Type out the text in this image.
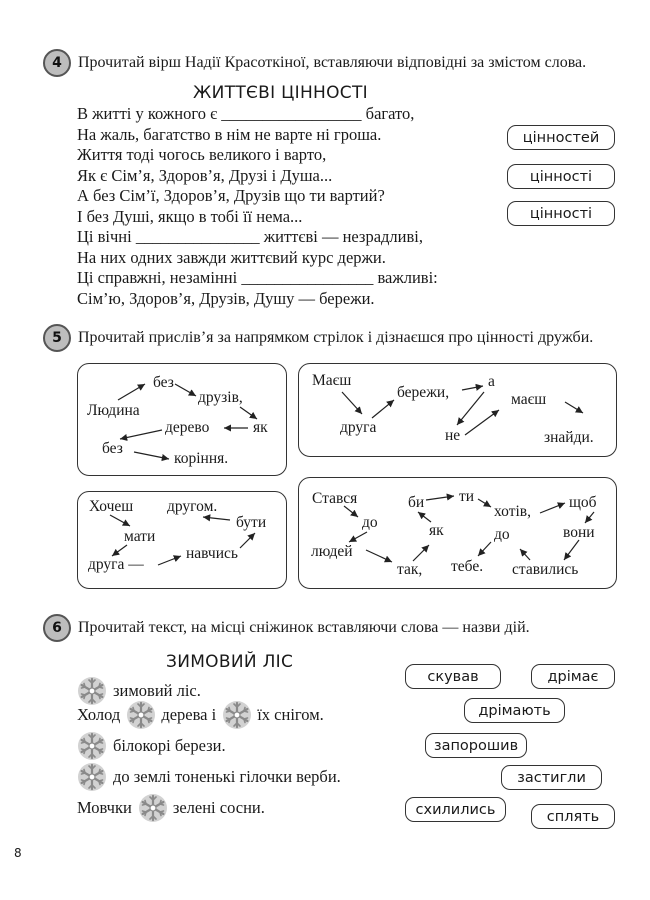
4 Прочитай вірш Надії Красоткіної, вставляючи відповідні за змістом слова.
ЖИТТЄВІ ЦІННОСТІ
В житті у кожного є _________________ багато,
На жаль, багатство в нім не варте ні гроша.
Життя тоді чогось великого і варто,
Як є Сім’я, Здоров’я, Друзі і Душа...
А без Сім’ї, Здоров’я, Друзів що ти вартий?
І без Душі, якщо в тобі її нема...
Ці вічні _______________ життєві — незрадливі,
На них одних завжди життєвий курс держи.
Ці справжні, незамінні ________________ важливі:
Сім’ю, Здоров’я, Друзів, Душу — бережи.
цінностей
цінності
цінності
5 Прочитай прислів’я за напрямком стрілок і дізнаєшся про цінності дружби.
Людина
без
друзів,
як
дерево
без
коріння.
Маєш
друга
бережи,
а
не
маєш
знайди.
Хочеш
мати
друга —
навчись
бути
другом.	Стався
до
людей
так,
як
би ти
хотів,
щоб
вони
ставились
до
тебе.
6 Прочитай текст, на місці сніжинок вставляючи слова — назви дій.
ЗИМОВИЙ ЛІС
зимовий ліс.
Холод дерева і їх снігом.
білокорі берези.
до землі тоненькі гілочки верби.
Мовчки зелені сосни.
скував	дрімає
дрімають
запорошив
застигли
схилились	сплять
8
